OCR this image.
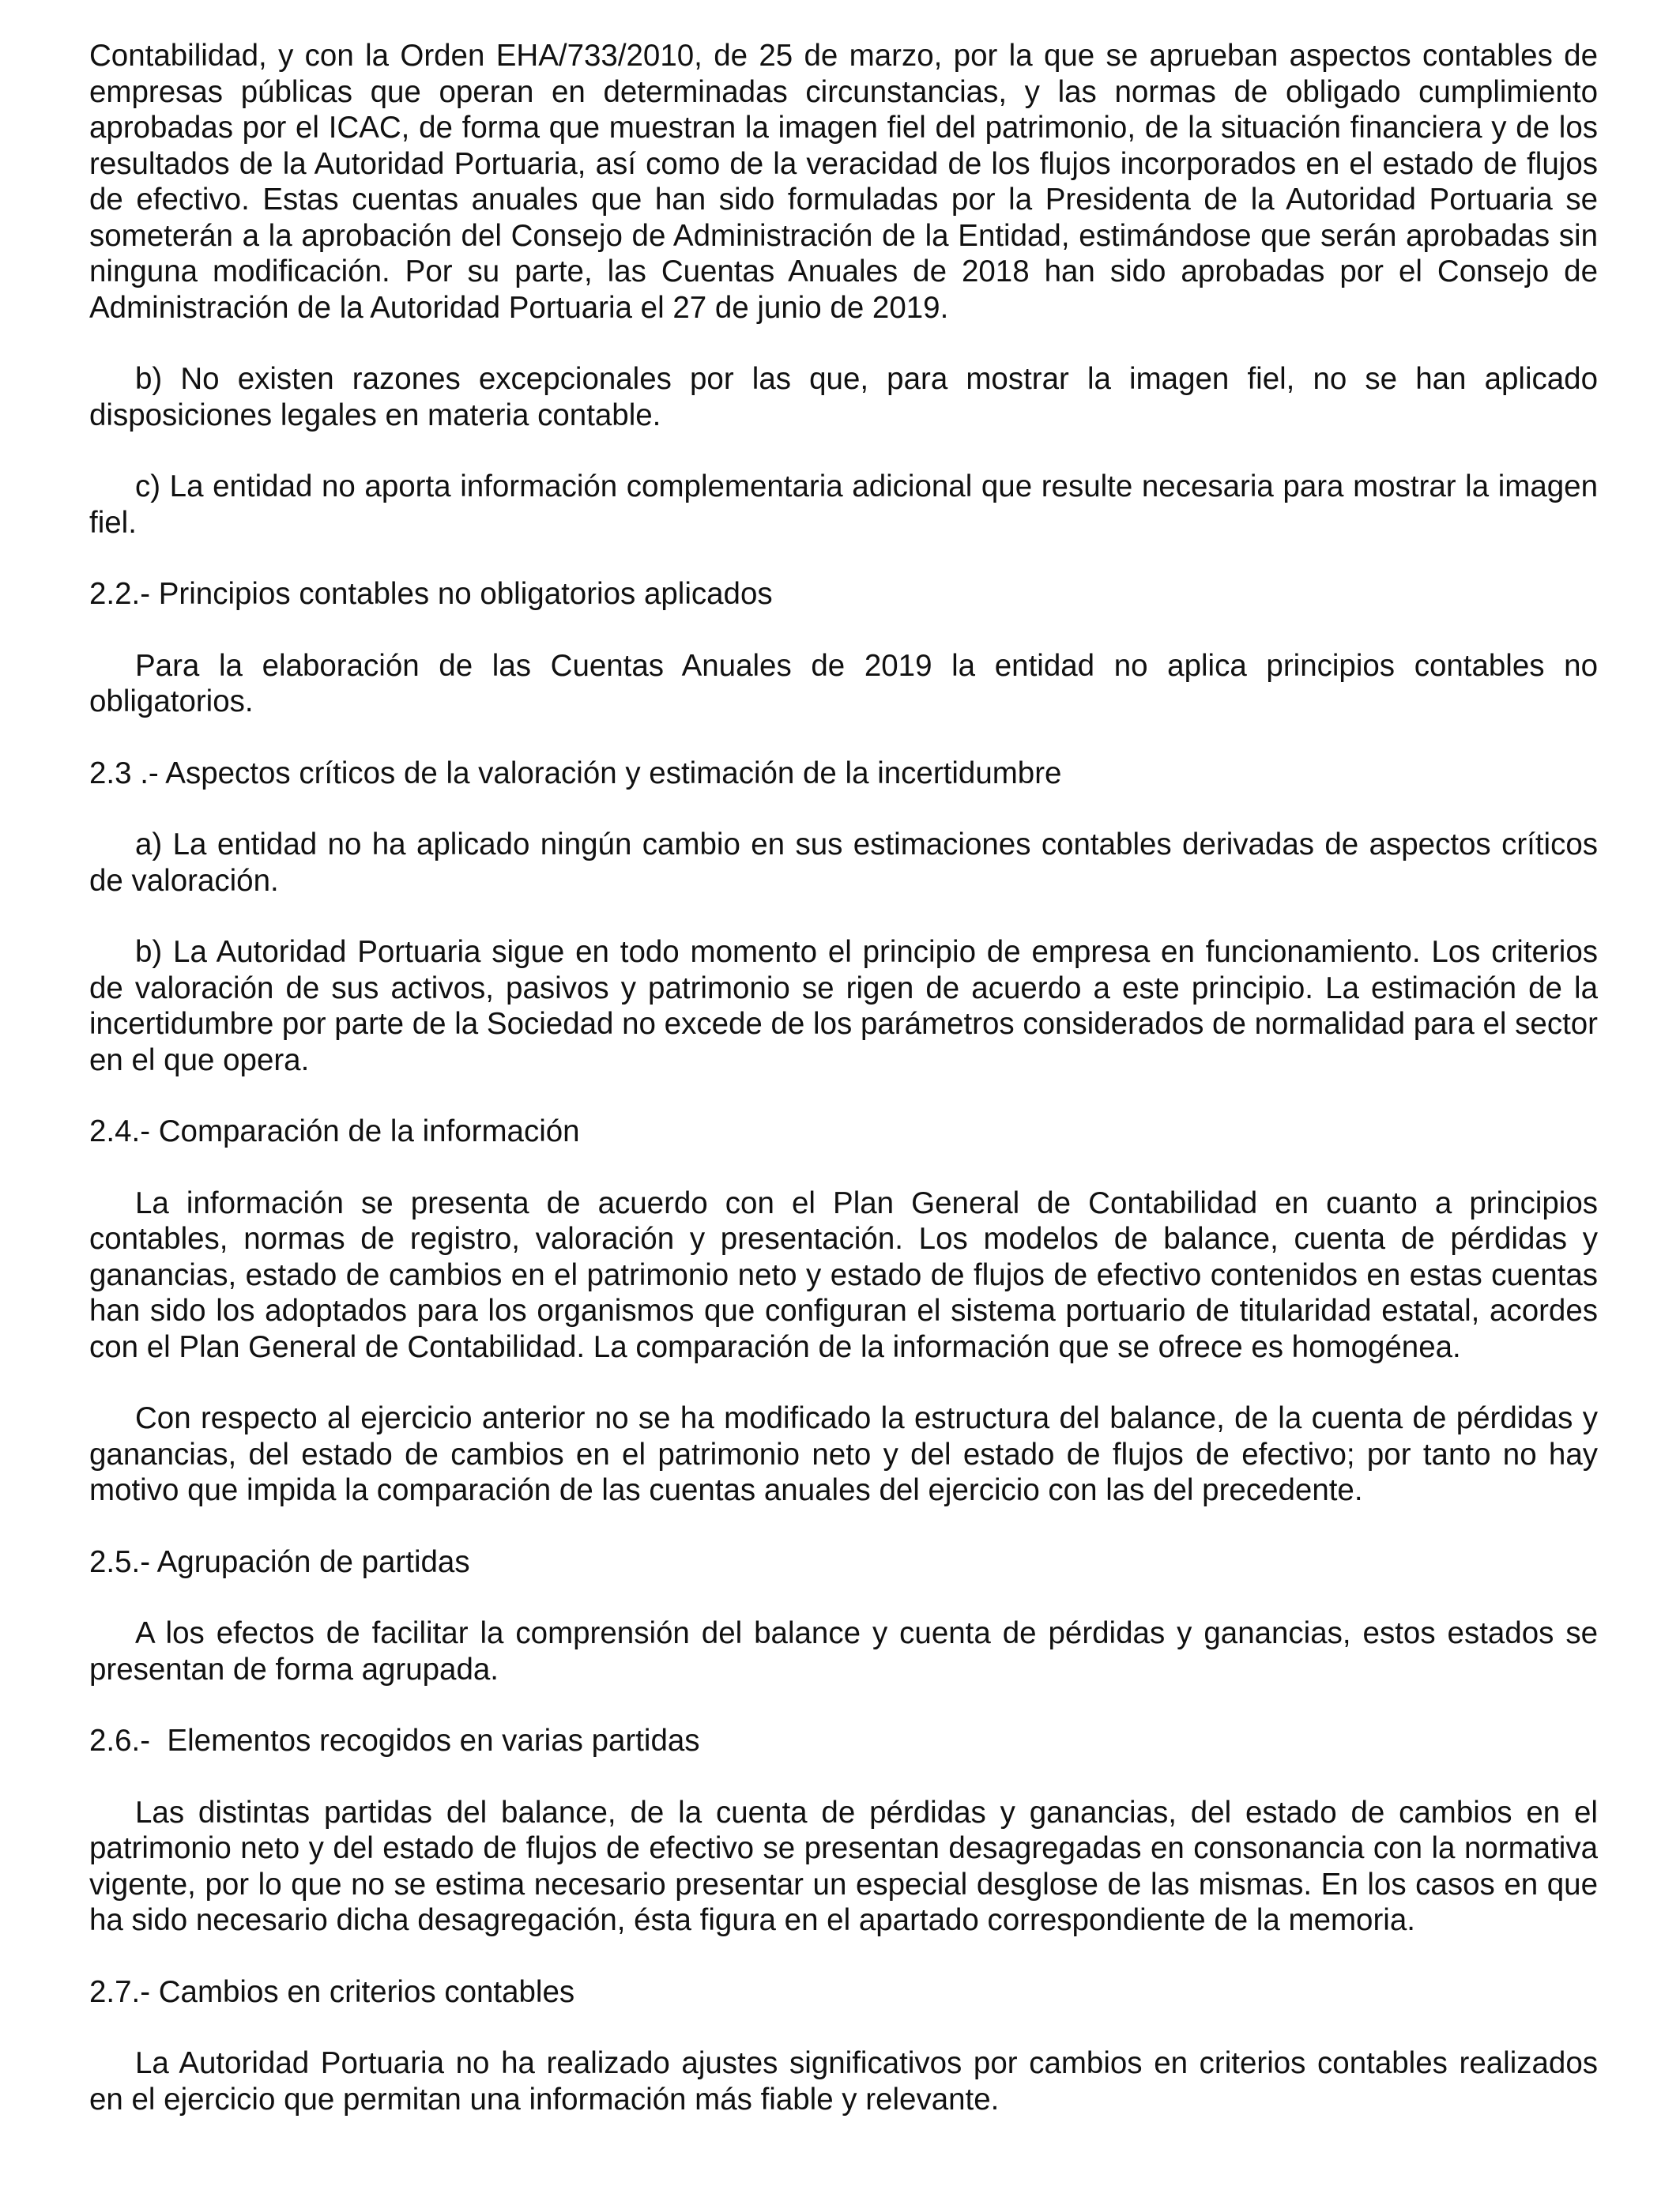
Contabilidad, y con la Orden EHA/733/2010, de 25 de marzo, por la que se aprueban aspectos contables de empresas públicas que operan en determinadas circunstancias, y las normas de obligado cumplimiento aprobadas por el ICAC, de forma que muestran la imagen fiel del patrimonio, de la situación financiera y de los resultados de la Autoridad Portuaria, así como de la veracidad de los flujos incorporados en el estado de flujos de efectivo. Estas cuentas anuales que han sido formuladas por la Presidenta de la Autoridad Portuaria se someterán a la aprobación del Consejo de Administración de la Entidad, estimándose que serán aprobadas sin ninguna modificación. Por su parte, las Cuentas Anuales de 2018 han sido aprobadas por el Consejo de Administración de la Autoridad Portuaria el 27 de junio de 2019.

b) No existen razones excepcionales por las que, para mostrar la imagen fiel, no se han aplicado disposiciones legales en materia contable.

c) La entidad no aporta información complementaria adicional que resulte necesaria para mostrar la imagen fiel.

2.2.- Principios contables no obligatorios aplicados

Para la elaboración de las Cuentas Anuales de 2019 la entidad no aplica principios contables no obligatorios.

2.3 .- Aspectos críticos de la valoración y estimación de la incertidumbre

a) La entidad no ha aplicado ningún cambio en sus estimaciones contables derivadas de aspectos críticos de valoración.

b) La Autoridad Portuaria sigue en todo momento el principio de empresa en funcionamiento. Los criterios de valoración de sus activos, pasivos y patrimonio se rigen de acuerdo a este principio. La estimación de la incertidumbre por parte de la Sociedad no excede de los parámetros considerados de normalidad para el sector en el que opera.

2.4.- Comparación de la información

La información se presenta de acuerdo con el Plan General de Contabilidad en cuanto a principios contables, normas de registro, valoración y presentación. Los modelos de balance, cuenta de pérdidas y ganancias, estado de cambios en el patrimonio neto y estado de flujos de efectivo contenidos en estas cuentas han sido los adoptados para los organismos que configuran el sistema portuario de titularidad estatal, acordes con el Plan General de Contabilidad. La comparación de la información que se ofrece es homogénea.

Con respecto al ejercicio anterior no se ha modificado la estructura del balance, de la cuenta de pérdidas y ganancias, del estado de cambios en el patrimonio neto y del estado de flujos de efectivo; por tanto no hay motivo que impida la comparación de las cuentas anuales del ejercicio con las del precedente.

2.5.- Agrupación de partidas

A los efectos de facilitar la comprensión del balance y cuenta de pérdidas y ganancias, estos estados se presentan de forma agrupada.

2.6.-  Elementos recogidos en varias partidas

Las distintas partidas del balance, de la cuenta de pérdidas y ganancias, del estado de cambios en el patrimonio neto y del estado de flujos de efectivo se presentan desagregadas en consonancia con la normativa vigente, por lo que no se estima necesario presentar un especial desglose de las mismas. En los casos en que ha sido necesario dicha desagregación, ésta figura en el apartado correspondiente de la memoria.

2.7.- Cambios en criterios contables

La Autoridad Portuaria no ha realizado ajustes significativos por cambios en criterios contables realizados en el ejercicio que permitan una información más fiable y relevante.
